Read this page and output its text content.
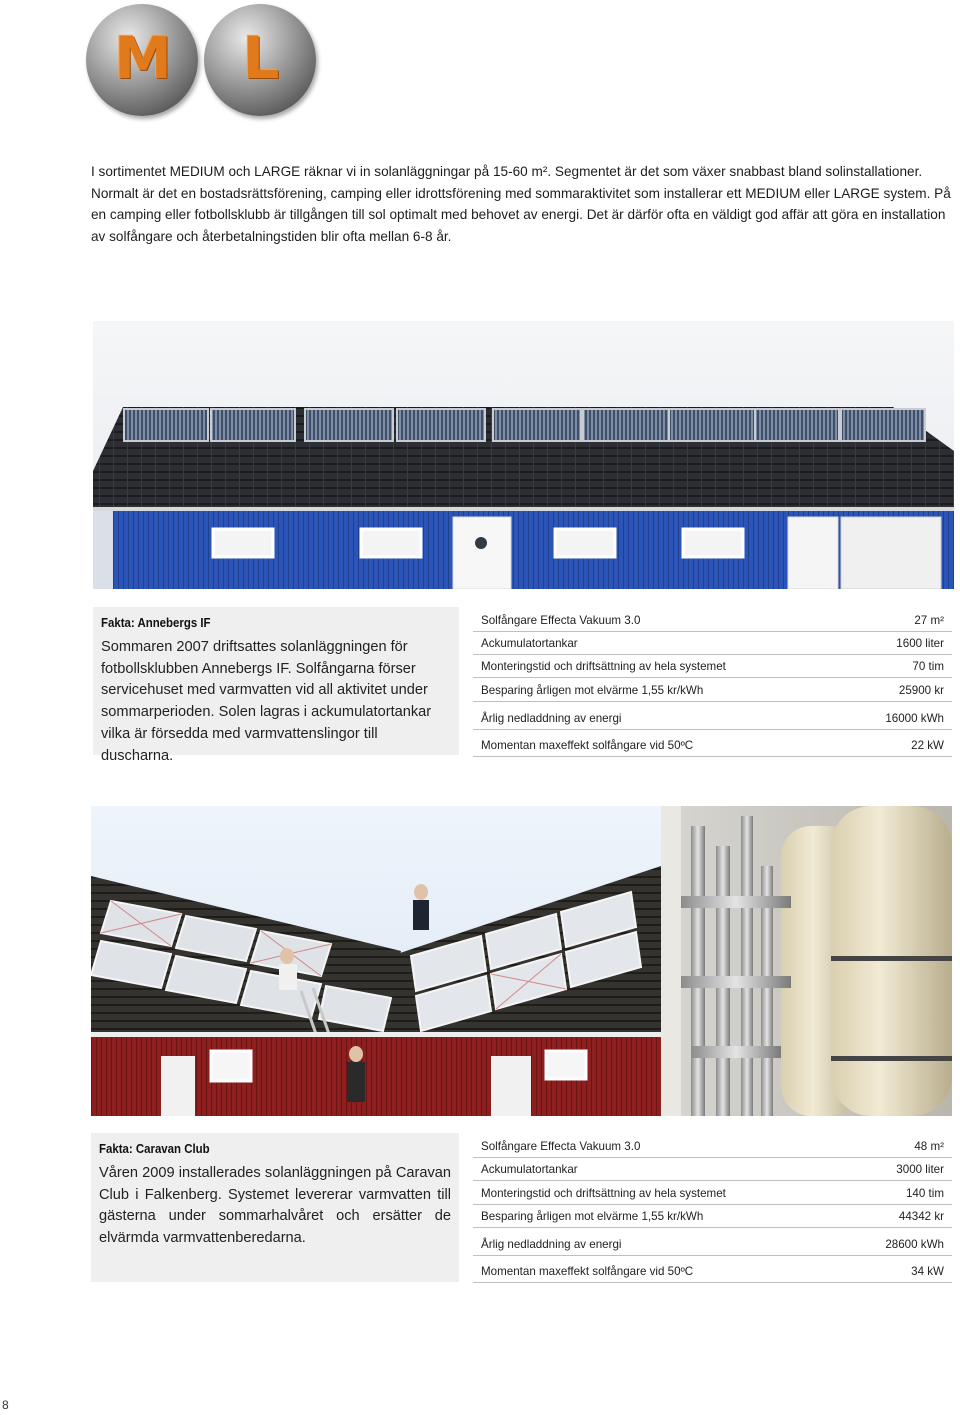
M	L
I sortimentet MEDIUM och LARGE räknar vi in solanläggningar på 15-60 m². Segmentet är det som växer snabbast bland solinstallationer. Normalt är det en bostadsrättsförening, camping eller idrottsförening med sommaraktivitet som installerar ett MEDIUM eller LARGE system. På en camping eller fotbollsklubb är tillgången till sol optimalt med behovet av energi. Det är därför ofta en väldigt god affär att göra en installation av solfångare och återbetalningstiden blir ofta mellan 6-8 år.
Fakta: Annebergs IF
Sommaren 2007 driftsattes solanläggningen för fotbollsklubben Annebergs IF. Solfångarna förser servicehuset med varmvatten vid all aktivitet under sommarperioden. Solen lagras i ackumulatortankar vilka är försedda med varmvattenslingor till duscharna.
Solfångare Effecta Vakuum 3.0	27 m²
Ackumulatortankar	1600 liter
Monteringstid och driftsättning av hela systemet	70 tim
Besparing årligen mot elvärme 1,55 kr/kWh	25900 kr
Årlig nedladdning av energi	16000 kWh
Momentan maxeffekt solfångare vid 50ºC	22 kW
Fakta: Caravan Club
Våren 2009 installerades solanläggningen på Caravan Club i Falkenberg. Systemet levererar varmvatten till gästerna under sommarhalvåret och ersätter de elvärmda varmvattenberedarna.
Solfångare Effecta Vakuum 3.0	48 m²
Ackumulatortankar	3000 liter
Monteringstid och driftsättning av hela systemet	140 tim
Besparing årligen mot elvärme 1,55 kr/kWh	44342 kr
Årlig nedladdning av energi	28600 kWh
Momentan maxeffekt solfångare vid 50ºC	34 kW
8
